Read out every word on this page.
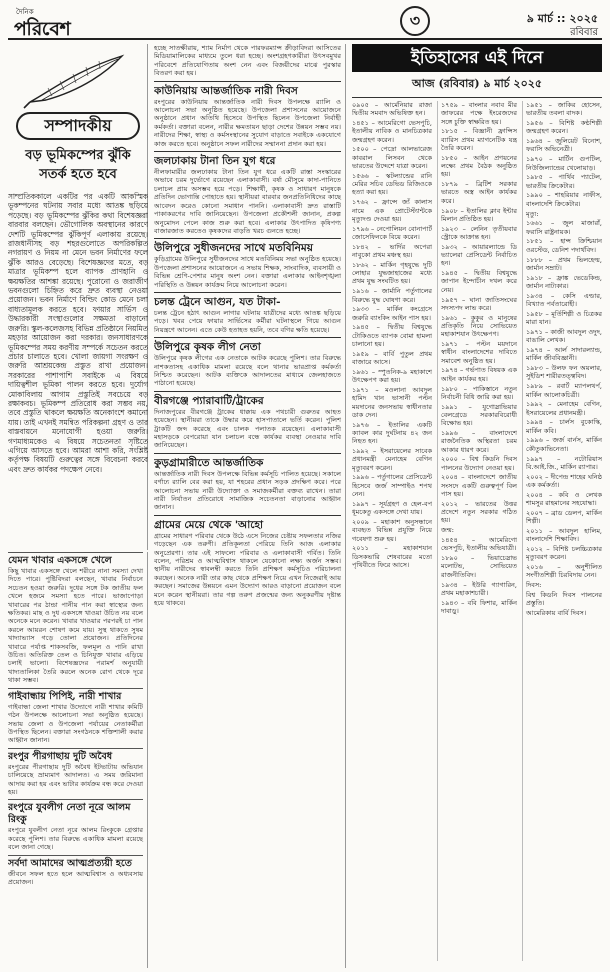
দৈনিক
পরিবেশ	৩	৯ মার্চ :: ২০২৫
রবিবার
সম্পাদকীয়
বড় ভূমিকম্পের ঝুঁকি
সতর্ক হতে হবে
সাম্প্রতিককালে একটির পর একটি আকস্মিক ভূকম্পনের ঘটনায় সবার মধ্যে আতঙ্ক ছড়িয়ে পড়েছে। বড় ভূমিকম্পের ঝুঁকির কথা বিশেষজ্ঞরা বারবার বলছেন। ভৌগোলিক অবস্থানের কারণে দেশটি ভূমিকম্পের ঝুঁকিপূর্ণ এলাকায় রয়েছে। রাজধানীসহ বড় শহরগুলোতে অপরিকল্পিত নগরায়ণ ও নিয়ম না মেনে ভবন নির্মাণের ফলে ঝুঁকি আরও বেড়েছে। বিশেষজ্ঞদের মতে, বড় মাত্রার ভূমিকম্প হলে ব্যাপক প্রাণহানি ও ক্ষয়ক্ষতির আশঙ্কা রয়েছে। পুরোনো ও জরাজীর্ণ ভবনগুলো চিহ্নিত করে দ্রুত ব্যবস্থা নেওয়া প্রয়োজন। ভবন নির্মাণে বিল্ডিং কোড মেনে চলা বাধ্যতামূলক করতে হবে। ফায়ার সার্ভিস ও উদ্ধারকারী সংস্থাগুলোর সক্ষমতা বাড়ানো জরুরি। স্কুল-কলেজসহ বিভিন্ন প্রতিষ্ঠানে নিয়মিত মহড়ার আয়োজন করা দরকার। জনসাধারণকে ভূমিকম্পের সময় করণীয় সম্পর্কে সচেতন করতে প্রচার চালাতে হবে। খোলা জায়গা সংরক্ষণ ও জরুরি আশ্রয়কেন্দ্র প্রস্তুত রাখা প্রয়োজন। সরকারের পাশাপাশি সবাইকে এ বিষয়ে দায়িত্বশীল ভূমিকা পালন করতে হবে। দুর্যোগ মোকাবিলায় আগাম প্রস্তুতিই সবচেয়ে বড় রক্ষাকবচ। ভূমিকম্প প্রতিরোধ করা সম্ভব নয়, তবে প্রস্তুতি থাকলে ক্ষয়ক্ষতি অনেকাংশে কমানো যায়। তাই এখনই সমন্বিত পরিকল্পনা গ্রহণ ও তার বাস্তবায়নে মনোযোগী হওয়া জরুরি। গণমাধ্যমকেও এ বিষয়ে সচেতনতা সৃষ্টিতে এগিয়ে আসতে হবে। আমরা আশা করি, সংশ্লিষ্ট কর্তৃপক্ষ বিষয়টি গুরুত্বের সঙ্গে বিবেচনা করবে এবং দ্রুত কার্যকর পদক্ষেপ নেবে।
যেমন খাবার একসঙ্গে খেলে
কিছু খাবার একসঙ্গে খেলে শরীরে নানা সমস্যা দেখা দিতে পারে। পুষ্টিবিদরা বলছেন, খাবার নির্বাচনে সচেতন হওয়া জরুরি। দুধের সঙ্গে টক জাতীয় ফল খেলে হজমে সমস্যা হতে পারে। ভাজাপোড়া খাবারের পর ঠান্ডা পানীয় পান করা স্বাস্থ্যের জন্য ক্ষতিকর। মাছ ও দুধ একসঙ্গে খাওয়া উচিত নয় বলে অনেকে মনে করেন। খাবার খাওয়ার পরপরই চা পান করলে আয়রন শোষণ কমে যায়। সুস্থ থাকতে সুষম খাদ্যাভ্যাস গড়ে তোলা প্রয়োজন। প্রতিদিনের খাবারে পর্যাপ্ত শাকসবজি, ফলমূল ও পানি রাখা উচিত। অতিরিক্ত তেল ও চিনিযুক্ত খাবার এড়িয়ে চলাই ভালো। বিশেষজ্ঞদের পরামর্শ অনুযায়ী খাদ্যতালিকা তৈরি করলে অনেক রোগ থেকে দূরে থাকা সম্ভব।
গাইবান্ধায় পিপিই, নারী শাখার
গাইবান্ধা জেলা শাখার উদ্যোগে নারী শাখার কমিটি গঠন উপলক্ষে আলোচনা সভা অনুষ্ঠিত হয়েছে। সভায় জেলা ও উপজেলা পর্যায়ের নেতাকর্মীরা উপস্থিত ছিলেন। বক্তারা সংগঠনকে শক্তিশালী করার আহ্বান জানান।
রংপুর পীরগাছায় দুটি অবৈধ
রংপুরের পীরগাছায় দুটি অবৈধ ইটভাটায় অভিযান চালিয়েছে ভ্রাম্যমাণ আদালত। এ সময় জরিমানা আদায় করা হয় এবং ভাটার কার্যক্রম বন্ধ করে দেওয়া হয়।
রংপুরে যুবলীগ নেতা নূরে আলম রিংকু
রংপুরে যুবলীগ নেতা নূরে আলম রিংকুকে গ্রেপ্তার করেছে পুলিশ। তার বিরুদ্ধে একাধিক মামলা রয়েছে বলে জানা গেছে।
সর্বদা আমাদের আত্মপ্রত্যয়ী হতে
জীবনে সফল হতে হলে আত্মবিশ্বাস ও অধ্যবসায় প্রয়োজন।
হচ্ছে সাতক্ষীরায়, শ্যাম নির্মাণ থেকে পারফরম্যান্স ক্রীড়াবিদরা আসিতের মিডিয়ামালিকের মাধ্যমে তুলে ধরা হচ্ছে। অংশগ্রহণকারীরা উৎসবমুখর পরিবেশে প্রতিযোগিতায় অংশ নেন এবং বিজয়ীদের মাঝে পুরস্কার বিতরণ করা হয়।
কাউনিয়ায় আন্তর্জাতিক নারী দিবস
রংপুরের কাউনিয়ায় আন্তর্জাতিক নারী দিবস উপলক্ষে র‍্যালি ও আলোচনা সভা অনুষ্ঠিত হয়েছে। উপজেলা প্রশাসনের আয়োজনে অনুষ্ঠানে প্রধান অতিথি হিসেবে উপস্থিত ছিলেন উপজেলা নির্বাহী কর্মকর্তা। বক্তারা বলেন, নারীর ক্ষমতায়ন ছাড়া দেশের উন্নয়ন সম্ভব নয়। নারীদের শিক্ষা, স্বাস্থ্য ও কর্মসংস্থানের সুযোগ বাড়াতে সবাইকে একযোগে কাজ করতে হবে। অনুষ্ঠানে সফল নারীদের সম্মাননা প্রদান করা হয়।
জলঢাকায় টানা তিন যুগ ধরে
নীলফামারীর জলঢাকায় টানা তিন যুগ ধরে একটি রাস্তা সংস্কারের অভাবে চরম দুর্ভোগে রয়েছেন এলাকাবাসী। বর্ষা মৌসুমে কাদা-পানিতে চলাচল প্রায় অসম্ভব হয়ে পড়ে। শিক্ষার্থী, কৃষক ও সাধারণ মানুষকে প্রতিদিন ভোগান্তি পোহাতে হয়। স্থানীয়রা বারবার জনপ্রতিনিধিদের কাছে আবেদন করেও কোনো সমাধান পাননি। এলাকাবাসী দ্রুত রাস্তাটি পাকাকরণের দাবি জানিয়েছেন। উপজেলা প্রকৌশলী জানান, প্রকল্প অনুমোদন পেলে কাজ শুরু করা হবে। এলাকার উৎপাদিত কৃষিপণ্য বাজারজাত করতেও কৃষকদের বাড়তি খরচ গুনতে হচ্ছে।
উলিপুরে সুধীজনদের সাথে মতবিনিময়
কুড়িগ্রামের উলিপুরে সুধীজনদের সাথে মতবিনিময় সভা অনুষ্ঠিত হয়েছে। উপজেলা প্রশাসনের আয়োজনে এ সভায় শিক্ষক, সাংবাদিক, ব্যবসায়ী ও বিভিন্ন শ্রেণি-পেশার মানুষ অংশ নেন। বক্তারা এলাকার আইনশৃঙ্খলা পরিস্থিতি ও উন্নয়ন কার্যক্রম নিয়ে আলোচনা করেন।
চলন্ত ট্রেনে আগুন, যত টাকা-
চলন্ত ট্রেনে হঠাৎ আগুন লাগার ঘটনায় যাত্রীদের মধ্যে আতঙ্ক ছড়িয়ে পড়ে। খবর পেয়ে ফায়ার সার্ভিসের কর্মীরা ঘটনাস্থলে গিয়ে আগুন নিয়ন্ত্রণে আনেন। এতে কেউ হতাহত হয়নি, তবে বগির ক্ষতি হয়েছে।
উলিপুরে কৃষক লীগ নেতা
উলিপুরে কৃষক লীগের এক নেতাকে আটক করেছে পুলিশ। তার বিরুদ্ধে নাশকতাসহ একাধিক মামলা রয়েছে বলে থানার ভারপ্রাপ্ত কর্মকর্তা নিশ্চিত করেছেন। আটক ব্যক্তিকে আদালতের মাধ্যমে জেলহাজতে পাঠানো হয়েছে।
বীরগঞ্জে প্যারাবাটি/ট্রাকের
দিনাজপুরের বীরগঞ্জে ট্রাকের ধাক্কায় এক পথচারী গুরুতর আহত হয়েছেন। স্থানীয়রা তাকে উদ্ধার করে হাসপাতালে ভর্তি করেন। পুলিশ ট্রাকটি জব্দ করেছে এবং চালক পলাতক রয়েছেন। এলাকাবাসী মহাসড়কে বেপরোয়া যান চলাচল বন্ধে কার্যকর ব্যবস্থা নেওয়ার দাবি জানিয়েছেন।
কুড়গ্রামারীতে আন্তর্জাতিক
আন্তর্জাতিক নারী দিবস উপলক্ষে বিভিন্ন কর্মসূচি পালিত হয়েছে। সকালে বর্ণাঢ্য র‍্যালি বের করা হয়, যা শহরের প্রধান সড়ক প্রদক্ষিণ করে। পরে আলোচনা সভায় নারী উদ্যোক্তা ও সমাজকর্মীরা বক্তব্য রাখেন। তারা নারী নির্যাতন প্রতিরোধে সামাজিক সচেতনতা বাড়ানোর আহ্বান জানান।
গ্রামের মেয়ে থেকে 'আহো
গ্রামের সাধারণ পরিবার থেকে উঠে এসে নিজের চেষ্টায় সফলতার নজির গড়েছেন এক তরুণী। প্রতিকূলতা পেরিয়ে তিনি আজ এলাকার অনুপ্রেরণা। তার এই সাফল্যে পরিবার ও এলাকাবাসী গর্বিত। তিনি বলেন, পরিশ্রম ও আত্মবিশ্বাস থাকলে যেকোনো লক্ষ্য অর্জন সম্ভব। স্থানীয় নারীদের স্বাবলম্বী করতে তিনি প্রশিক্ষণ কর্মসূচিও পরিচালনা করছেন। অনেক নারী তার কাছ থেকে প্রশিক্ষণ নিয়ে এখন নিজেরাই আয় করছেন। সমাজের উন্নয়নে এমন উদ্যোগ আরও বাড়ানো প্রয়োজন বলে মনে করেন স্থানীয়রা। তার গল্প তরুণ প্রজন্মের জন্য অনুকরণীয় দৃষ্টান্ত হয়ে থাকবে।
ইতিহাসের এই দিনে
আজ (রবিবার) ৯ মার্চ ২০২৫

০৯০৫ – আর্মেনিয়ার রাজা দ্বিতীয় সমবাদ অভিষিক্ত হন।

১৪৫১ – আমেরিগো ভেসপুচি, ইতালীয় নাবিক ও মানচিত্রকার জন্মগ্রহণ করেন।

১৫০০ – পেদ্রো আলভারেজ কাবরাল লিসবন থেকে ভারতের উদ্দেশে যাত্রা করেন।

১৫৬৬ – স্কটল্যান্ডের রানি মেরির সচিব ডেভিড রিজিওকে হত্যা করা হয়।

১৭৬২ – ফ্রান্সে জ্যঁ কালাস নামে এক প্রোটেস্ট্যান্টকে মৃত্যুদণ্ড দেওয়া হয়।

১৭৯৬ – নেপোলিয়ন বোনাপার্ট জোসেফিনকে বিয়ে করেন।

১৮৪২ – ভার্দির অপেরা নাবুকো প্রথম মঞ্চস্থ হয়।

১৮৬২ – মার্কিন গৃহযুদ্ধে দুটি লোহার যুদ্ধজাহাজের মধ্যে প্রথম যুদ্ধ সংঘটিত হয়।

১৯১৬ – জার্মানি পর্তুগালের বিরুদ্ধে যুদ্ধ ঘোষণা করে।

১৯৩৩ – মার্কিন কংগ্রেসে জরুরি ব্যাংকিং আইন পাস হয়।

১৯৪৫ – দ্বিতীয় বিশ্বযুদ্ধে টোকিওতে ব্যাপক বোমা হামলা চালানো হয়।

১৯৫৯ – বার্বি পুতুল প্রথম বাজারে আসে।

১৯৬১ – স্পুতনিক-৯ মহাকাশে উৎক্ষেপণ করা হয়।

১৯৭১ – মওলানা আবদুল হামিদ খান ভাসানী পল্টন ময়দানের জনসভায় স্বাধীনতার ডাক দেন।

১৯৭৬ – ইতালির একটি ক্যাবল কার দুর্ঘটনায় ৪২ জন নিহত হন।

১৯৯২ – ইসরায়েলের সাবেক প্রধানমন্ত্রী মেনাহেম বেগিন মৃত্যুবরণ করেন।

১৯৯৬ – পর্তুগালের প্রেসিডেন্ট হিসেবে জর্জ সাম্পাইও শপথ নেন।

১৯৯৭ – সূর্যগ্রহণ ও হেল-বপ ধূমকেতু একসঙ্গে দেখা যায়।

২০০৯ – মহাকাশ অনুসন্ধানে ব্যবহৃত বিভিন্ন প্রযুক্তি নিয়ে গবেষণা শুরু হয়।

২০১১ – মহাকাশযান ডিসকভারি শেষবারের মতো পৃথিবীতে ফিরে আসে।

১৭৫৯ – বাংলার নবাব মীর জাফরের পক্ষে ইংরেজদের সঙ্গে চুক্তি স্বাক্ষরিত হয়।

১৮১৫ – বিজ্ঞানী ফ্রান্সিস ব্যারিস প্রথম ম্যাগনেটিক যন্ত্র তৈরি করেন।

১৮৫০ – আইন প্রণয়নের লক্ষ্যে প্রথম বৈঠক অনুষ্ঠিত হয়।

১৮৭৯ – ব্রিটিশ সরকার ভারতে অস্ত্র আইন কার্যকর করে।

১৯০৮ – ইতালির ক্লাব ইন্টার মিলান প্রতিষ্ঠিত হয়।

১৯২৩ – লেনিন তৃতীয়বার স্ট্রোকে আক্রান্ত হন।

১৯৩২ – আয়ারল্যান্ডে ডি ভ্যালেরা প্রেসিডেন্ট নির্বাচিত হন।

১৯৪৫ – দ্বিতীয় বিশ্বযুদ্ধে জাপান ইন্দোচীন দখল করে নেয়।

১৯৫৭ – ঘানা জাতিসংঘের সদস্যপদ লাভ করে।

১৯৬১ – কুকুর ও মানুষের প্রতিকৃতি নিয়ে সোভিয়েত মহাকাশযান উৎক্ষেপণ।

১৯৭১ – পল্টন ময়দানে স্বাধীন বাংলাদেশের দাবিতে সমাবেশ অনুষ্ঠিত হয়।

১৯৭৪ – গর্ভপাত বিষয়ক এক আইন কার্যকর হয়।

১৯৮০ – পাকিস্তানে নতুন নির্বাচনী বিধি জারি করা হয়।

১৯৯১ – যুগোস্লাভিয়ার বেলগ্রেডে সরকারবিরোধী বিক্ষোভ হয়।

১৯৯৬ – বাংলাদেশে রাজনৈতিক অস্থিরতা চরম আকার ধারণ করে।

২০০০ – বিশ্ব কিডনি দিবস পালনের উদ্যোগ নেওয়া হয়।

২০০৪ – বাংলাদেশে জাতীয় সংসদে একটি গুরুত্বপূর্ণ বিল পাস হয়।

২০১২ – ভারতের উত্তর প্রদেশে নতুন সরকার গঠিত হয়।

জন্ম:

১৪৫৪ – আমেরিগো ভেসপুচি, ইতালীয় অভিযাত্রী।

১৮৯০ – ভিয়াচেস্লাভ মলোটভ, সোভিয়েত রাজনীতিবিদ।

১৯৩৪ – ইউরি গ্যাগারিন, প্রথম মহাকাশচারী।

১৯৪৩ – ববি ফিশার, মার্কিন দাবাড়ু।

১৯৫১ – জাকির হোসেন, ভারতীয় তবলা বাদক।

১৯৫৬ – বিশিষ্ট কণ্ঠশিল্পী জন্মগ্রহণ করেন।

১৯৬৪ – জুলিয়েট বিনোশ, ফরাসি অভিনেত্রী।

১৯৭০ – মার্টিন গুপটিল, নিউজিল্যান্ডের খেলোয়াড়।

১৯৮৫ – পার্থিব প্যাটেল, ভারতীয় ক্রিকেটার।

১৯৯০ – শাহরিয়ার নাফীস, বাংলাদেশি ক্রিকেটার।

মৃত্যু:

১৬৬১ – জুল মাজারাঁ, ফরাসি রাষ্ট্রনায়ক।

১৮৫১ – হান্স ক্রিশ্চিয়ান ওরস্টেড, ডেনিশ পদার্থবিদ।

১৮৮৮ – প্রথম ভিলহেল্ম, জার্মান সম্রাট।

১৯১৮ – ফ্রাঙ্ক ভেডেকিন্ড, জার্মান নাট্যকার।

১৯৩৪ – কেসি এল্ডার, বিখ্যাত পর্বতারোহী।

১৯৫৮ – মূর্তিশিল্পী ও চিত্রকর মারা যান।

১৯৭১ – কাজী আবদুল ওদুদ, বাঙালি লেখক।

১৯৭৪ – আর্ল সাদারল্যান্ড, মার্কিন জীববিজ্ঞানী।

১৯৮৩ – উলফ ফন অয়লার, সুইডিশ শারীরতত্ত্ববিদ।

১৯৮৯ – রবার্ট ম্যাপলথর্প, মার্কিন আলোকচিত্রী।

১৯৯২ – মেনাহেম বেগিন, ইসরায়েলের প্রধানমন্ত্রী।

১৯৯৪ – চার্লস বুকোস্কি, মার্কিন কবি।

১৯৯৬ – জর্জ বার্নস, মার্কিন কৌতুকাভিনেতা।

১৯৯৭ – নটোরিয়াস বি.আই.জি., মার্কিন র‍্যাপার।

২০০২ – দীপেন্দ্র শাহের ঘনিষ্ঠ এক কর্মকর্তা।

২০০৪ – কবি ও লেখক শামসুর রাহমানের সহযোদ্ধা।

২০০৭ – ব্রাড ডেলপ, মার্কিন শিল্পী।

২০১১ – আবদুল হালিম, বাংলাদেশি শিক্ষাবিদ।

২০১২ – বিশিষ্ট চলচ্চিত্রকার মৃত্যুবরণ করেন।

২০১৬ – অনুশীলিত সংগীতশিল্পী চিরবিদায় নেন।

দিবস:

বিশ্ব কিডনি দিবস পালনের প্রস্তুতি।

আমেরিকায় বার্বি দিবস।
